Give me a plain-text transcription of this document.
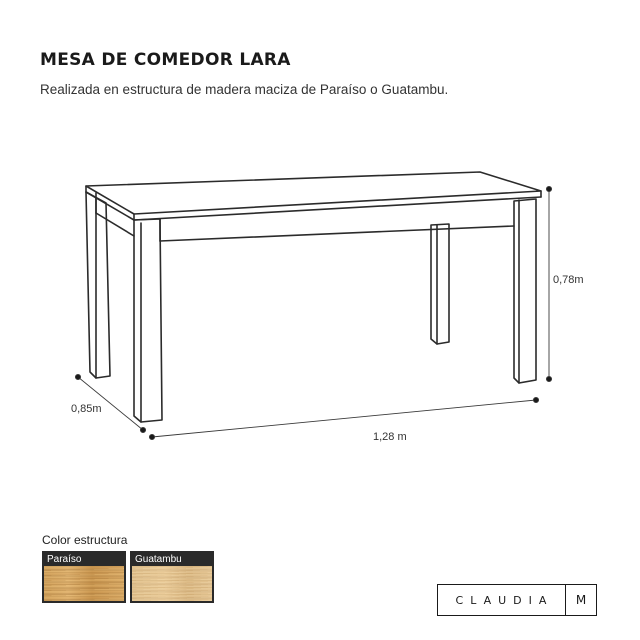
MESA DE COMEDOR LARA

Realizada en estructura de madera maciza de Paraíso o Guatambu.

0,78m
0,85m
1,28 m
Color estructura
Paraíso	Guatambu
CLAUDIA	M
